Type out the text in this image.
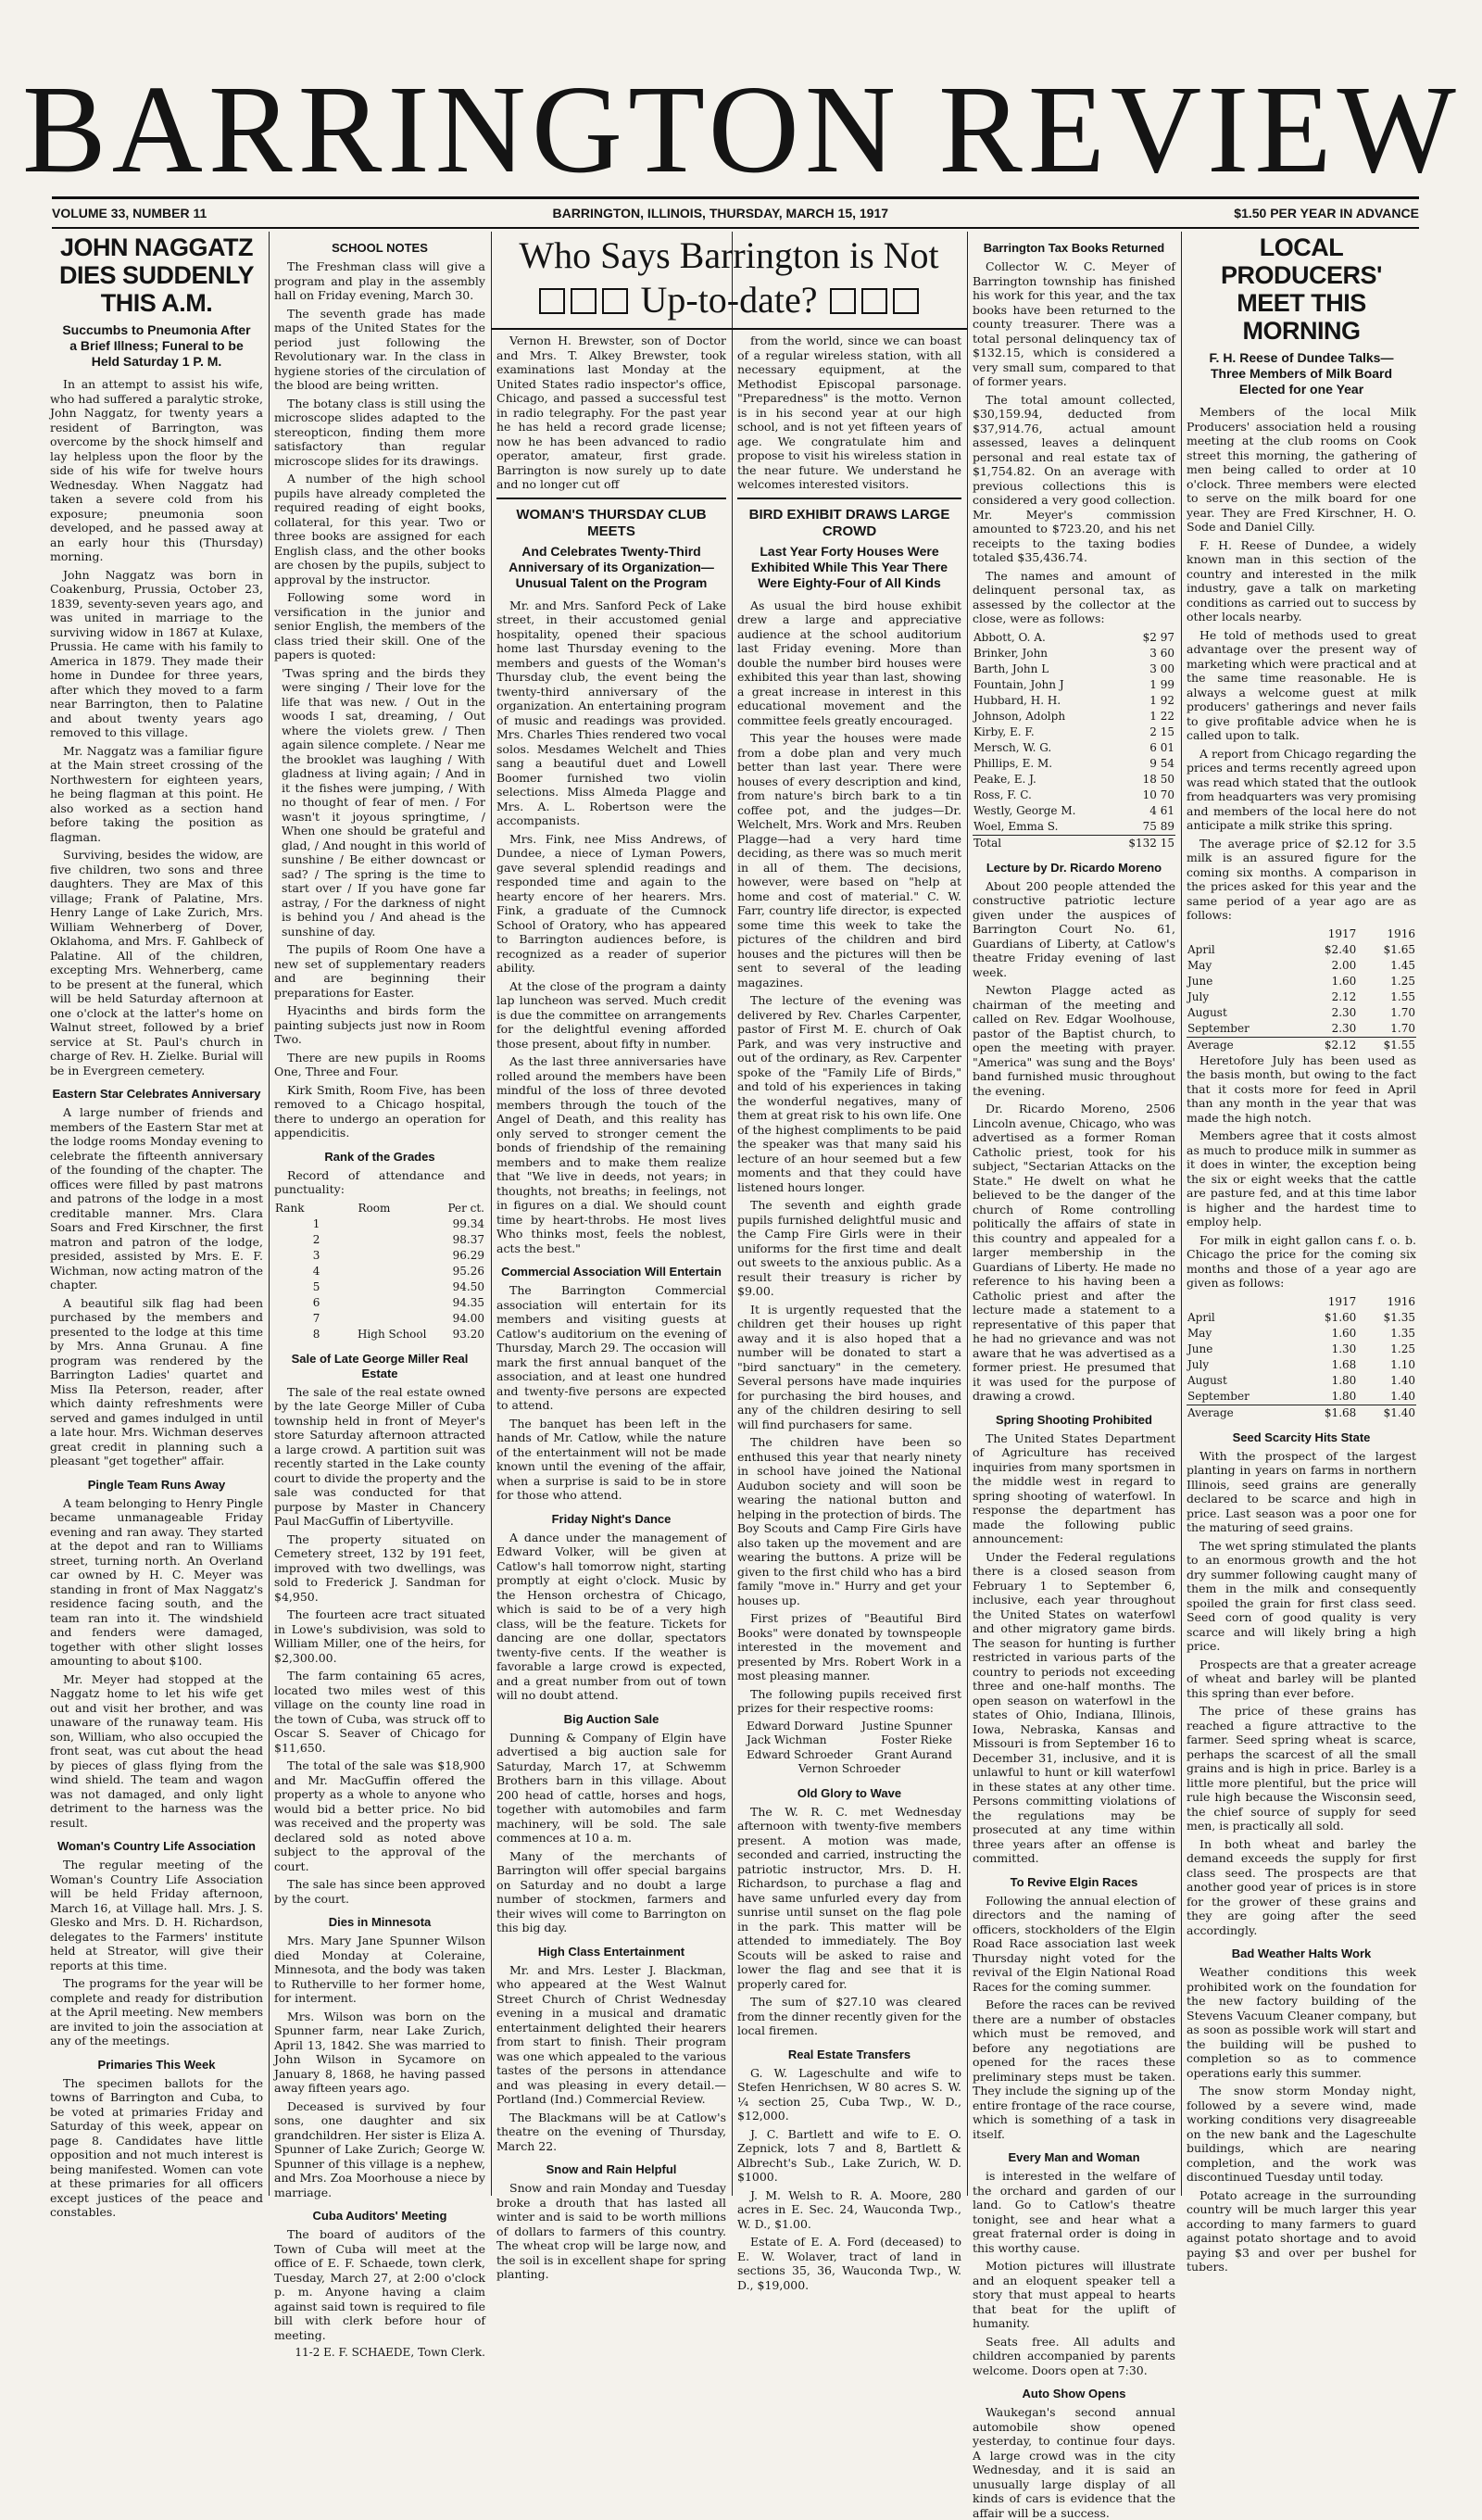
BARRINGTON REVIEW
VOLUME 33, NUMBER 11	BARRINGTON, ILLINOIS, THURSDAY, MARCH 15, 1917	$1.50 PER YEAR IN ADVANCE
JOHN NAGGATZ DIES SUDDENLY THIS A.M.
Succumbs to Pneumonia After a Brief Illness; Funeral to be Held Saturday 1 P. M.

In an attempt to assist his wife, who had suffered a paralytic stroke, John Naggatz, for twenty years a resident of Barrington, was overcome by the shock himself and lay helpless upon the floor by the side of his wife for twelve hours Wednesday. When Naggatz had taken a severe cold from his exposure; pneumonia soon developed, and he passed away at an early hour this (Thursday) morning.

John Naggatz was born in Coakenburg, Prussia, October 23, 1839, seventy-seven years ago, and was united in marriage to the surviving widow in 1867 at Kulaxe, Prussia. He came with his family to America in 1879. They made their home in Dundee for three years, after which they moved to a farm near Barrington, then to Palatine and about twenty years ago removed to this village.

Mr. Naggatz was a familiar figure at the Main street crossing of the Northwestern for eighteen years, he being flagman at this point. He also worked as a section hand before taking the position as flagman.

Surviving, besides the widow, are five children, two sons and three daughters. They are Max of this village; Frank of Palatine, Mrs. Henry Lange of Lake Zurich, Mrs. William Wehnerberg of Dover, Oklahoma, and Mrs. F. Gahlbeck of Palatine. All of the children, excepting Mrs. Wehnerberg, came to be present at the funeral, which will be held Saturday afternoon at one o'clock at the latter's home on Walnut street, followed by a brief service at St. Paul's church in charge of Rev. H. Zielke. Burial will be in Evergreen cemetery.

Eastern Star Celebrates Anniversary

A large number of friends and members of the Eastern Star met at the lodge rooms Monday evening to celebrate the fifteenth anniversary of the founding of the chapter. The offices were filled by past matrons and patrons of the lodge in a most creditable manner. Mrs. Clara Soars and Fred Kirschner, the first matron and patron of the lodge, presided, assisted by Mrs. E. F. Wichman, now acting matron of the chapter.

A beautiful silk flag had been purchased by the members and presented to the lodge at this time by Mrs. Anna Grunau. A fine program was rendered by the Barrington Ladies' quartet and Miss Ila Peterson, reader, after which dainty refreshments were served and games indulged in until a late hour. Mrs. Wichman deserves great credit in planning such a pleasant "get together" affair.

Pingle Team Runs Away

A team belonging to Henry Pingle became unmanageable Friday evening and ran away. They started at the depot and ran to Williams street, turning north. An Overland car owned by H. C. Meyer was standing in front of Max Naggatz's residence facing south, and the team ran into it. The windshield and fenders were damaged, together with other slight losses amounting to about $100.

Mr. Meyer had stopped at the Naggatz home to let his wife get out and visit her brother, and was unaware of the runaway team. His son, William, who also occupied the front seat, was cut about the head by pieces of glass flying from the wind shield. The team and wagon was not damaged, and only light detriment to the harness was the result.

Woman's Country Life Association

The regular meeting of the Woman's Country Life Association will be held Friday afternoon, March 16, at Village hall. Mrs. J. S. Glesko and Mrs. D. H. Richardson, delegates to the Farmers' institute held at Streator, will give their reports at this time.

The programs for the year will be complete and ready for distribution at the April meeting. New members are invited to join the association at any of the meetings.

Primaries This Week

The specimen ballots for the towns of Barrington and Cuba, to be voted at primaries Friday and Saturday of this week, appear on page 8. Candidates have little opposition and not much interest is being manifested. Women can vote at these primaries for all officers except justices of the peace and constables.

SCHOOL NOTES

The Freshman class will give a program and play in the assembly hall on Friday evening, March 30.

The seventh grade has made maps of the United States for the period just following the Revolutionary war. In the class in hygiene stories of the circulation of the blood are being written.

The botany class is still using the microscope slides adapted to the stereopticon, finding them more satisfactory than regular microscope slides for its drawings.

A number of the high school pupils have already completed the required reading of eight books, collateral, for this year. Two or three books are assigned for each English class, and the other books are chosen by the pupils, subject to approval by the instructor.

Following some word in versification in the junior and senior English, the members of the class tried their skill. One of the papers is quoted:

'Twas spring and the birds they were singing / Their love for the life that was new. / Out in the woods I sat, dreaming, / Out where the violets grew. / Then again silence complete. / Near me the brooklet was laughing / With gladness at living again; / And in it the fishes were jumping, / With no thought of fear of men. / For wasn't it joyous springtime, / When one should be grateful and glad, / And nought in this world of sunshine / Be either downcast or sad? / The spring is the time to start over / If you have gone far astray, / For the darkness of night is behind you / And ahead is the sunshine of day.

The pupils of Room One have a new set of supplementary readers and are beginning their preparations for Easter.

Hyacinths and birds form the painting subjects just now in Room Two.

There are new pupils in Rooms One, Three and Four.

Kirk Smith, Room Five, has been removed to a Chicago hospital, there to undergo an operation for appendicitis.

Rank of the Grades

Record of attendance and punctuality:

Rank	Room	Per ct.
1		99.34
2		98.37
3		96.29
4		95.26
5		94.50
6		94.35
7		94.00
8	High School	93.20
Sale of Late George Miller Real Estate

The sale of the real estate owned by the late George Miller of Cuba township held in front of Meyer's store Saturday afternoon attracted a large crowd. A partition suit was recently started in the Lake county court to divide the property and the sale was conducted for that purpose by Master in Chancery Paul MacGuffin of Libertyville.

The property situated on Cemetery street, 132 by 191 feet, improved with two dwellings, was sold to Frederick J. Sandman for $4,950.

The fourteen acre tract situated in Lowe's subdivision, was sold to William Miller, one of the heirs, for $2,300.00.

The farm containing 65 acres, located two miles west of this village on the county line road in the town of Cuba, was struck off to Oscar S. Seaver of Chicago for $11,650.

The total of the sale was $18,900 and Mr. MacGuffin offered the property as a whole to anyone who would bid a better price. No bid was received and the property was declared sold as noted above subject to the approval of the court.

The sale has since been approved by the court.

Dies in Minnesota

Mrs. Mary Jane Spunner Wilson died Monday at Coleraine, Minnesota, and the body was taken to Rutherville to her former home, for interment.

Mrs. Wilson was born on the Spunner farm, near Lake Zurich, April 13, 1842. She was married to John Wilson in Sycamore on January 8, 1868, he having passed away fifteen years ago.

Deceased is survived by four sons, one daughter and six grandchildren. Her sister is Eliza A. Spunner of Lake Zurich; George W. Spunner of this village is a nephew, and Mrs. Zoa Moorhouse a niece by marriage.

Cuba Auditors' Meeting

The board of auditors of the Town of Cuba will meet at the office of E. F. Schaede, town clerk, Tuesday, March 27, at 2:00 o'clock p. m. Anyone having a claim against said town is required to file bill with clerk before hour of meeting.

11-2 E. F. SCHAEDE, Town Clerk.
Who Says Barrington is Not
Up-to-date?

Vernon H. Brewster, son of Doctor and Mrs. T. Alkey Brewster, took examinations last Monday at the United States radio inspector's office, Chicago, and passed a successful test in radio telegraphy. For the past year he has held a record grade license; now he has been advanced to radio operator, amateur, first grade. Barrington is now surely up to date and no longer cut off

WOMAN'S THURSDAY CLUB MEETS
And Celebrates Twenty-Third Anniversary of its Organization—Unusual Talent on the Program

Mr. and Mrs. Sanford Peck of Lake street, in their accustomed genial hospitality, opened their spacious home last Thursday evening to the members and guests of the Woman's Thursday club, the event being the twenty-third anniversary of the organization. An entertaining program of music and readings was provided. Mrs. Charles Thies rendered two vocal solos. Mesdames Welchelt and Thies sang a beautiful duet and Lowell Boomer furnished two violin selections. Miss Almeda Plagge and Mrs. A. L. Robertson were the accompanists.

Mrs. Fink, nee Miss Andrews, of Dundee, a niece of Lyman Powers, gave several splendid readings and responded time and again to the hearty encore of her hearers. Mrs. Fink, a graduate of the Cumnock School of Oratory, who has appeared to Barrington audiences before, is recognized as a reader of superior ability.

At the close of the program a dainty lap luncheon was served. Much credit is due the committee on arrangements for the delightful evening afforded those present, about fifty in number.

As the last three anniversaries have rolled around the members have been mindful of the loss of three devoted members through the touch of the Angel of Death, and this reality has only served to stronger cement the bonds of friendship of the remaining members and to make them realize that "We live in deeds, not years; in thoughts, not breaths; in feelings, not in figures on a dial. We should count time by heart-throbs. He most lives Who thinks most, feels the noblest, acts the best."

Commercial Association Will Entertain

The Barrington Commercial association will entertain for its members and visiting guests at Catlow's auditorium on the evening of Thursday, March 29. The occasion will mark the first annual banquet of the association, and at least one hundred and twenty-five persons are expected to attend.

The banquet has been left in the hands of Mr. Catlow, while the nature of the entertainment will not be made known until the evening of the affair, when a surprise is said to be in store for those who attend.

Friday Night's Dance

A dance under the management of Edward Volker, will be given at Catlow's hall tomorrow night, starting promptly at eight o'clock. Music by the Henson orchestra of Chicago, which is said to be of a very high class, will be the feature. Tickets for dancing are one dollar, spectators twenty-five cents. If the weather is favorable a large crowd is expected, and a great number from out of town will no doubt attend.

Big Auction Sale

Dunning & Company of Elgin have advertised a big auction sale for Saturday, March 17, at Schwemm Brothers barn in this village. About 200 head of cattle, horses and hogs, together with automobiles and farm machinery, will be sold. The sale commences at 10 a. m.

Many of the merchants of Barrington will offer special bargains on Saturday and no doubt a large number of stockmen, farmers and their wives will come to Barrington on this big day.

High Class Entertainment

Mr. and Mrs. Lester J. Blackman, who appeared at the West Walnut Street Church of Christ Wednesday evening in a musical and dramatic entertainment delighted their hearers from start to finish. Their program was one which appealed to the various tastes of the persons in attendance and was pleasing in every detail.—Portland (Ind.) Commercial Review.

The Blackmans will be at Catlow's theatre on the evening of Thursday, March 22.

Snow and Rain Helpful

Snow and rain Monday and Tuesday broke a drouth that has lasted all winter and is said to be worth millions of dollars to farmers of this country. The wheat crop will be large now, and the soil is in excellent shape for spring planting.

from the world, since we can boast of a regular wireless station, with all necessary equipment, at the Methodist Episcopal parsonage. "Preparedness" is the motto. Vernon is in his second year at our high school, and is not yet fifteen years of age. We congratulate him and propose to visit his wireless station in the near future. We understand he welcomes interested visitors.

BIRD EXHIBIT DRAWS LARGE CROWD
Last Year Forty Houses Were Exhibited While This Year There Were Eighty-Four of All Kinds

As usual the bird house exhibit drew a large and appreciative audience at the school auditorium last Friday evening. More than double the number bird houses were exhibited this year than last, showing a great increase in interest in this educational movement and the committee feels greatly encouraged.

This year the houses were made from a dobe plan and very much better than last year. There were houses of every description and kind, from nature's birch bark to a tin coffee pot, and the judges—Dr. Welchelt, Mrs. Work and Mrs. Reuben Plagge—had a very hard time deciding, as there was so much merit in all of them. The decisions, however, were based on "help at home and cost of material." C. W. Farr, country life director, is expected some time this week to take the pictures of the children and bird houses and the pictures will then be sent to several of the leading magazines.

The lecture of the evening was delivered by Rev. Charles Carpenter, pastor of First M. E. church of Oak Park, and was very instructive and out of the ordinary, as Rev. Carpenter spoke of the "Family Life of Birds," and told of his experiences in taking the wonderful negatives, many of them at great risk to his own life. One of the highest compliments to be paid the speaker was that many said his lecture of an hour seemed but a few moments and that they could have listened hours longer.

The seventh and eighth grade pupils furnished delightful music and the Camp Fire Girls were in their uniforms for the first time and dealt out sweets to the anxious public. As a result their treasury is richer by $9.00.

It is urgently requested that the children get their houses up right away and it is also hoped that a number will be donated to start a "bird sanctuary" in the cemetery. Several persons have made inquiries for purchasing the bird houses, and any of the children desiring to sell will find purchasers for same.

The children have been so enthused this year that nearly ninety in school have joined the National Audubon society and will soon be wearing the national button and helping in the protection of birds. The Boy Scouts and Camp Fire Girls have also taken up the movement and are wearing the buttons. A prize will be given to the first child who has a bird family "move in." Hurry and get your houses up.

First prizes of "Beautiful Bird Books" were donated by townspeople interested in the movement and presented by Mrs. Robert Work in a most pleasing manner.

The following pupils received first prizes for their respective rooms:

Edward Dorward Justine Spunner
Jack Wichman	Foster Rieke
Edward Schroeder Grant Aurand
Vernon Schroeder
Old Glory to Wave

The W. R. C. met Wednesday afternoon with twenty-five members present. A motion was made, seconded and carried, instructing the patriotic instructor, Mrs. D. H. Richardson, to purchase a flag and have same unfurled every day from sunrise until sunset on the flag pole in the park. This matter will be attended to immediately. The Boy Scouts will be asked to raise and lower the flag and see that it is properly cared for.

The sum of $27.10 was cleared from the dinner recently given for the local firemen.

Real Estate Transfers

G. W. Lageschulte and wife to Stefen Henrichsen, W 80 acres S. W. ¼ section 25, Cuba Twp., W. D., $12,000.

J. C. Bartlett and wife to E. O. Zepnick, lots 7 and 8, Bartlett & Albrecht's Sub., Lake Zurich, W. D. $1000.

J. M. Welsh to R. A. Moore, 280 acres in E. Sec. 24, Wauconda Twp., W. D., $1.00.

Estate of E. A. Ford (deceased) to E. W. Wolaver, tract of land in sections 35, 36, Wauconda Twp., W. D., $19,000.

Barrington Tax Books Returned

Collector W. C. Meyer of Barrington township has finished his work for this year, and the tax books have been returned to the county treasurer. There was a total personal delinquency tax of $132.15, which is considered a very small sum, compared to that of former years.

The total amount collected, $30,159.94, deducted from $37,914.76, actual amount assessed, leaves a delinquent personal and real estate tax of $1,754.82. On an average with previous collections this is considered a very good collection. Mr. Meyer's commission amounted to $723.20, and his net receipts to the taxing bodies totaled $35,436.74.

The names and amount of delinquent personal tax, as assessed by the collector at the close, were as follows:

Abbott, O. A.	$2 97
Brinker, John	3 60
Barth, John L	3 00
Fountain, John J	1 99
Hubbard, H. H.	1 92
Johnson, Adolph	1 22
Kirby, E. F.	2 15
Mersch, W. G.	6 01
Phillips, E. M.	9 54
Peake, E. J.	18 50
Ross, F. C.	10 70
Westly, George M.	4 61
Woel, Emma S.	75 89
Total	$132 15
Lecture by Dr. Ricardo Moreno

About 200 people attended the constructive patriotic lecture given under the auspices of Barrington Court No. 61, Guardians of Liberty, at Catlow's theatre Friday evening of last week.

Newton Plagge acted as chairman of the meeting and called on Rev. Edgar Woolhouse, pastor of the Baptist church, to open the meeting with prayer. "America" was sung and the Boys' band furnished music throughout the evening.

Dr. Ricardo Moreno, 2506 Lincoln avenue, Chicago, who was advertised as a former Roman Catholic priest, took for his subject, "Sectarian Attacks on the State." He dwelt on what he believed to be the danger of the church of Rome controlling politically the affairs of state in this country and appealed for a larger membership in the Guardians of Liberty. He made no reference to his having been a Catholic priest and after the lecture made a statement to a representative of this paper that he had no grievance and was not aware that he was advertised as a former priest. He presumed that it was used for the purpose of drawing a crowd.

Spring Shooting Prohibited

The United States Department of Agriculture has received inquiries from many sportsmen in the middle west in regard to spring shooting of waterfowl. In response the department has made the following public announcement:

Under the Federal regulations there is a closed season from February 1 to September 6, inclusive, each year throughout the United States on waterfowl and other migratory game birds. The season for hunting is further restricted in various parts of the country to periods not exceeding three and one-half months. The open season on waterfowl in the states of Ohio, Indiana, Illinois, Iowa, Nebraska, Kansas and Missouri is from September 16 to December 31, inclusive, and it is unlawful to hunt or kill waterfowl in these states at any other time. Persons committing violations of the regulations may be prosecuted at any time within three years after an offense is committed.

To Revive Elgin Races

Following the annual election of directors and the naming of officers, stockholders of the Elgin Road Race association last week Thursday night voted for the revival of the Elgin National Road Races for the coming summer.

Before the races can be revived there are a number of obstacles which must be removed, and before any negotiations are opened for the races these preliminary steps must be taken. They include the signing up of the entire frontage of the race course, which is something of a task in itself.

Every Man and Woman

is interested in the welfare of the orchard and garden of our land. Go to Catlow's theatre tonight, see and hear what a great fraternal order is doing in this worthy cause.

Motion pictures will illustrate and an eloquent speaker tell a story that must appeal to hearts that beat for the uplift of humanity.

Seats free. All adults and children accompanied by parents welcome. Doors open at 7:30.

Auto Show Opens

Waukegan's second annual automobile show opened yesterday, to continue four days. A large crowd was in the city Wednesday, and it is said an unusually large display of all kinds of cars is evidence that the affair will be a success.

LOCAL PRODUCERS' MEET THIS MORNING
F. H. Reese of Dundee Talks—Three Members of Milk Board Elected for one Year

Members of the local Milk Producers' association held a rousing meeting at the club rooms on Cook street this morning, the gathering of men being called to order at 10 o'clock. Three members were elected to serve on the milk board for one year. They are Fred Kirschner, H. O. Sode and Daniel Cilly.

F. H. Reese of Dundee, a widely known man in this section of the country and interested in the milk industry, gave a talk on marketing conditions as carried out to success by other locals nearby.

He told of methods used to great advantage over the present way of marketing which were practical and at the same time reasonable. He is always a welcome guest at milk producers' gatherings and never fails to give profitable advice when he is called upon to talk.

A report from Chicago regarding the prices and terms recently agreed upon was read which stated that the outlook from headquarters was very promising and members of the local here do not anticipate a milk strike this spring.

The average price of $2.12 for 3.5 milk is an assured figure for the coming six months. A comparison in the prices asked for this year and the same period of a year ago are as follows:

	1917	1916
April	$2.40	$1.65
May	2.00	1.45
June	1.60	1.25
July	2.12	1.55
August	2.30	1.70
September	2.30	1.70
Average	$2.12	$1.55

Heretofore July has been used as the basis month, but owing to the fact that it costs more for feed in April than any month in the year that was made the high notch.

Members agree that it costs almost as much to produce milk in summer as it does in winter, the exception being the six or eight weeks that the cattle are pasture fed, and at this time labor is higher and the hardest time to employ help.

For milk in eight gallon cans f. o. b. Chicago the price for the coming six months and those of a year ago are given as follows:

	1917	1916
April	$1.60	$1.35
May	1.60	1.35
June	1.30	1.25
July	1.68	1.10
August	1.80	1.40
September	1.80	1.40
Average	$1.68	$1.40
Seed Scarcity Hits State

With the prospect of the largest planting in years on farms in northern Illinois, seed grains are generally declared to be scarce and high in price. Last season was a poor one for the maturing of seed grains.

The wet spring stimulated the plants to an enormous growth and the hot dry summer following caught many of them in the milk and consequently spoiled the grain for first class seed. Seed corn of good quality is very scarce and will likely bring a high price.

Prospects are that a greater acreage of wheat and barley will be planted this spring than ever before.

The price of these grains has reached a figure attractive to the farmer. Seed spring wheat is scarce, perhaps the scarcest of all the small grains and is high in price. Barley is a little more plentiful, but the price will rule high because the Wisconsin seed, the chief source of supply for seed men, is practically all sold.

In both wheat and barley the demand exceeds the supply for first class seed. The prospects are that another good year of prices is in store for the grower of these grains and they are going after the seed accordingly.

Bad Weather Halts Work

Weather conditions this week prohibited work on the foundation for the new factory building of the Stevens Vacuum Cleaner company, but as soon as possible work will start and the building will be pushed to completion so as to commence operations early this summer.

The snow storm Monday night, followed by a severe wind, made working conditions very disagreeable on the new bank and the Lageschulte buildings, which are nearing completion, and the work was discontinued Tuesday until today.

Potato acreage in the surrounding country will be much larger this year according to many farmers to guard against potato shortage and to avoid paying $3 and over per bushel for tubers.
